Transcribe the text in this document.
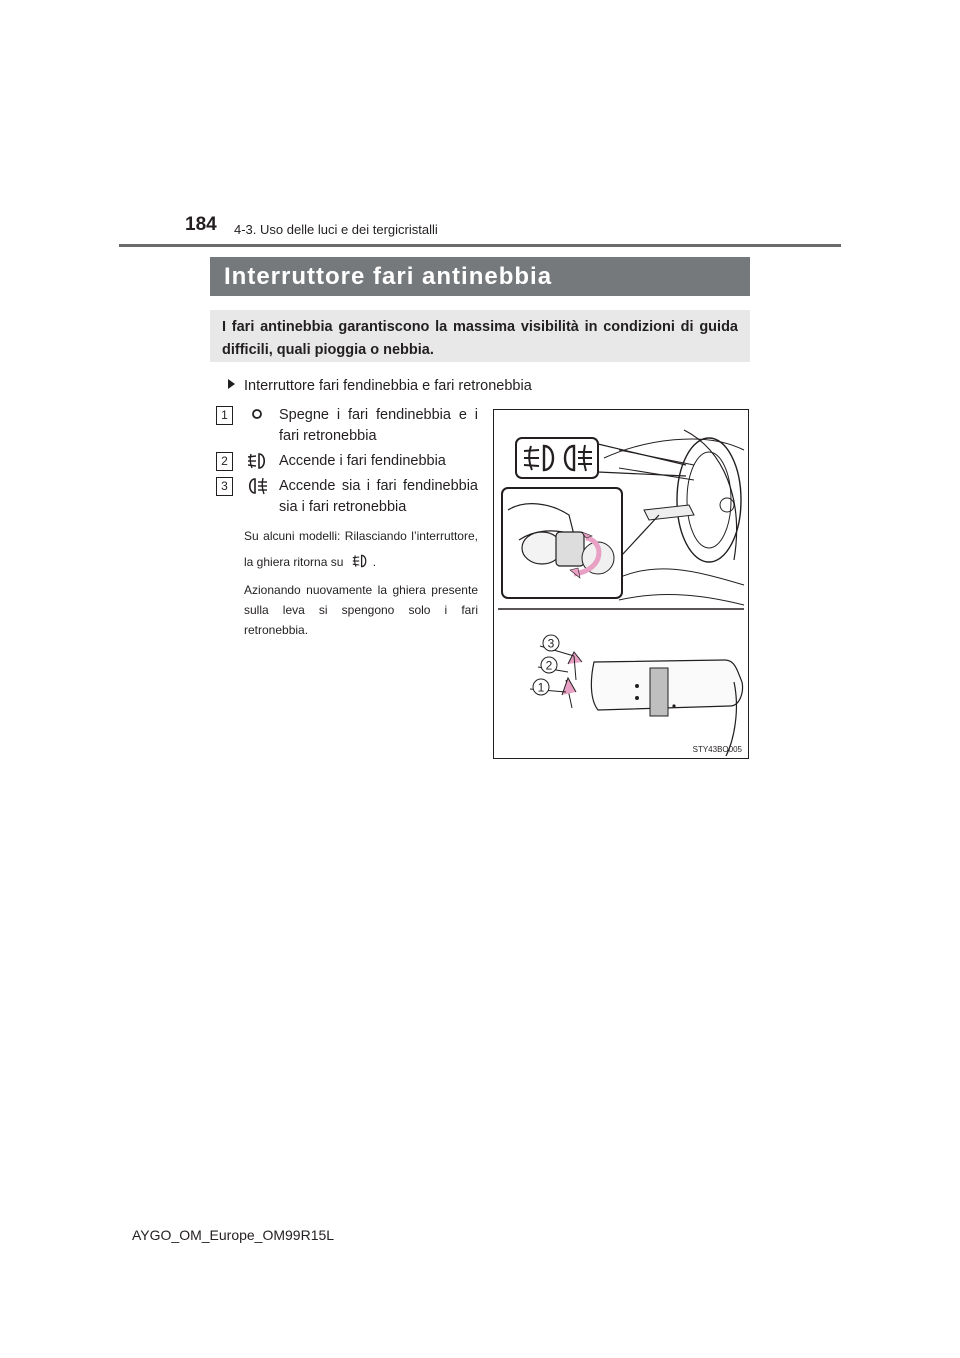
184 4-3. Uso delle luci e dei tergicristalli
Interruttore fari antinebbia
I fari antinebbia garantiscono la massima visibilità in condizioni di guida difficili, quali pioggia o nebbia.
Interruttore fari fendinebbia e fari retronebbia
1	Spegne i fari fendinebbia e i fari retronebbia
2	Accende i fari fendinebbia
3	Accende sia i fari fendinebbia sia i fari retronebbia
Su alcuni modelli: Rilasciando l’interruttore, la ghiera ritorna su .
Azionando nuovamente la ghiera presente sulla leva si spengono solo i fari retronebbia.
3
2
1
STY43BO005
AYGO_OM_Europe_OM99R15L
